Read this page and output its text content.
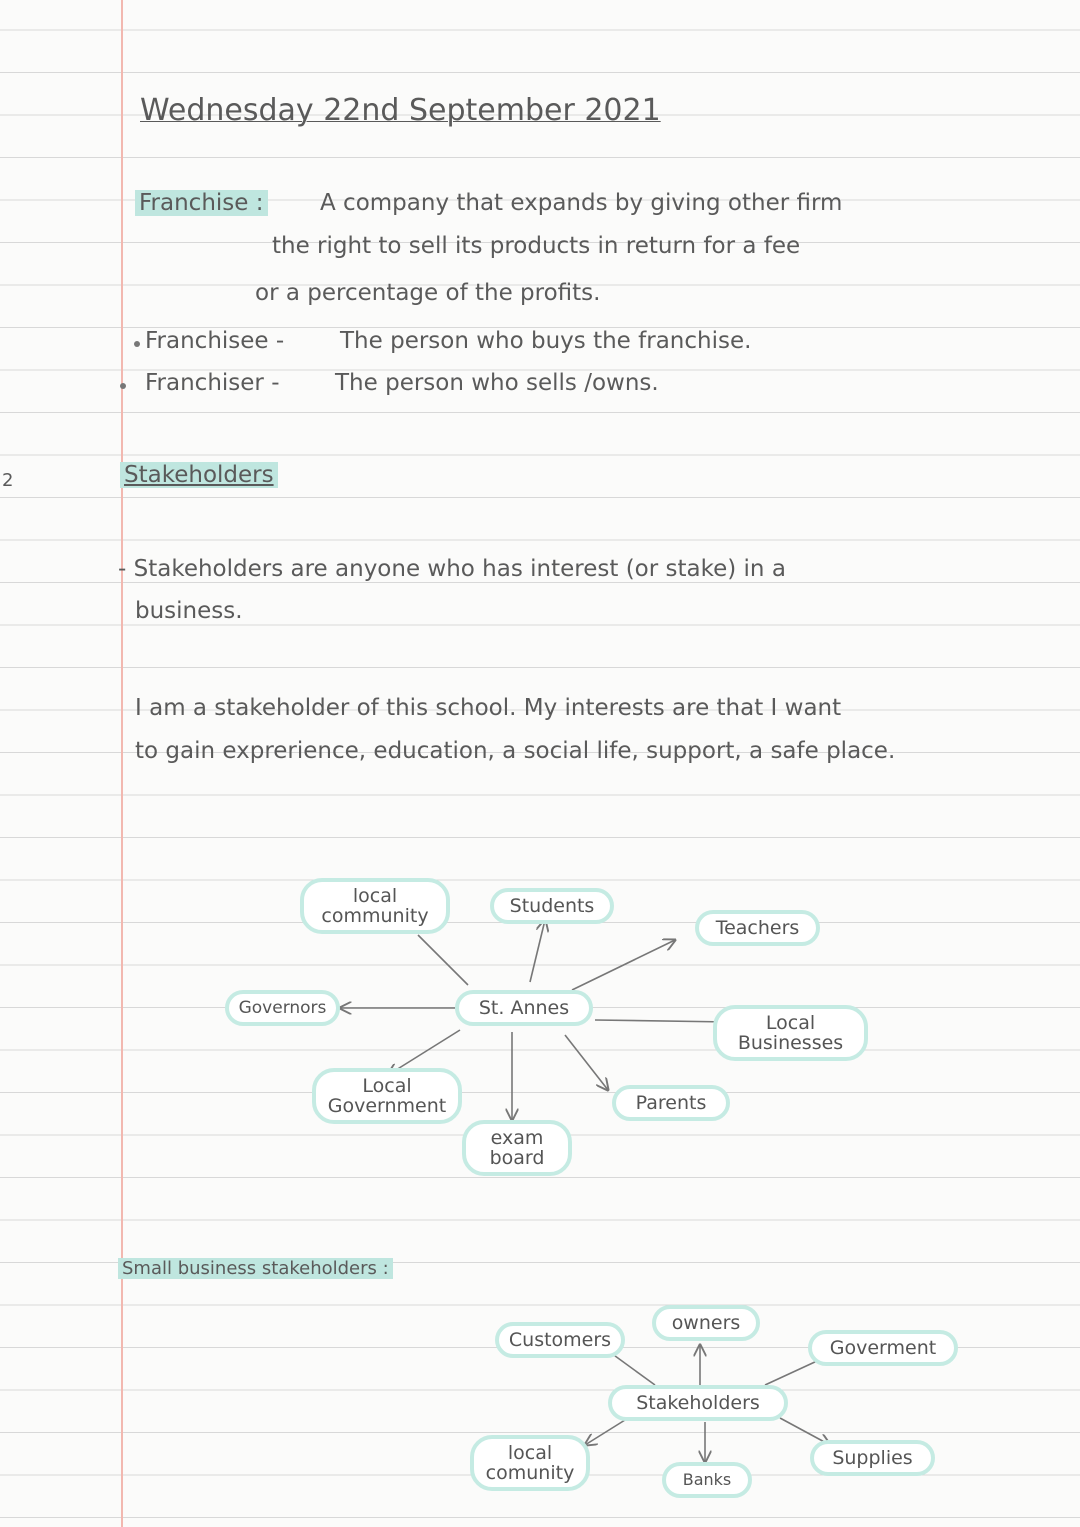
2
Wednesday 22nd September 2021
Franchise : A company that expands by giving other firm
the right to sell its products in return for a fee
or a percentage of the profits.
Franchisee - The person who buys the franchise.
Franchiser - The person who sells /owns.
Stakeholders
- Stakeholders are anyone who has interest (or stake) in a
business.
I am a stakeholder of this school. My interests are that I want
to gain exprerience, education, a social life, support, a safe place.
local community	Students
Teachers
Governors	St. Annes
Local Businesses
Local Government	Parents
exam board
Small business stakeholders :
Customers
owners
Goverment
Stakeholders
local comunity	Banks
Supplies
